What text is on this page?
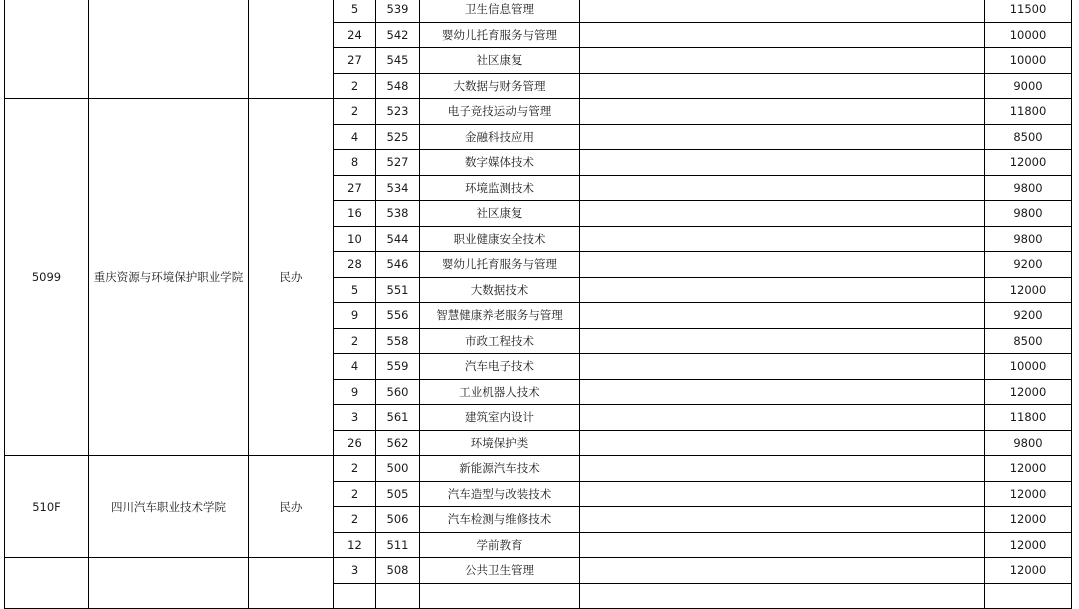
			5	539	卫生信息管理		11500
			24	542	婴幼儿托育服务与管理		10000
			27	545	社区康复		10000
			2	548	大数据与财务管理		9000
5099	重庆资源与环境保护职业学院	民办	2	523	电子竞技运动与管理		11800
			4	525	金融科技应用		8500
			8	527	数字媒体技术		12000
			27	534	环境监测技术		9800
			16	538	社区康复		9800
			10	544	职业健康安全技术		9800
			28	546	婴幼儿托育服务与管理		9200
			5	551	大数据技术		12000
			9	556	智慧健康养老服务与管理		9200
			2	558	市政工程技术		8500
			4	559	汽车电子技术		10000
			9	560	工业机器人技术		12000
			3	561	建筑室内设计		11800
			26	562	环境保护类		9800
510F	四川汽车职业技术学院	民办	2	500	新能源汽车技术		12000
			2	505	汽车造型与改装技术		12000
			2	506	汽车检测与维修技术		12000
			12	511	学前教育		12000
			3	508	公共卫生管理		12000
